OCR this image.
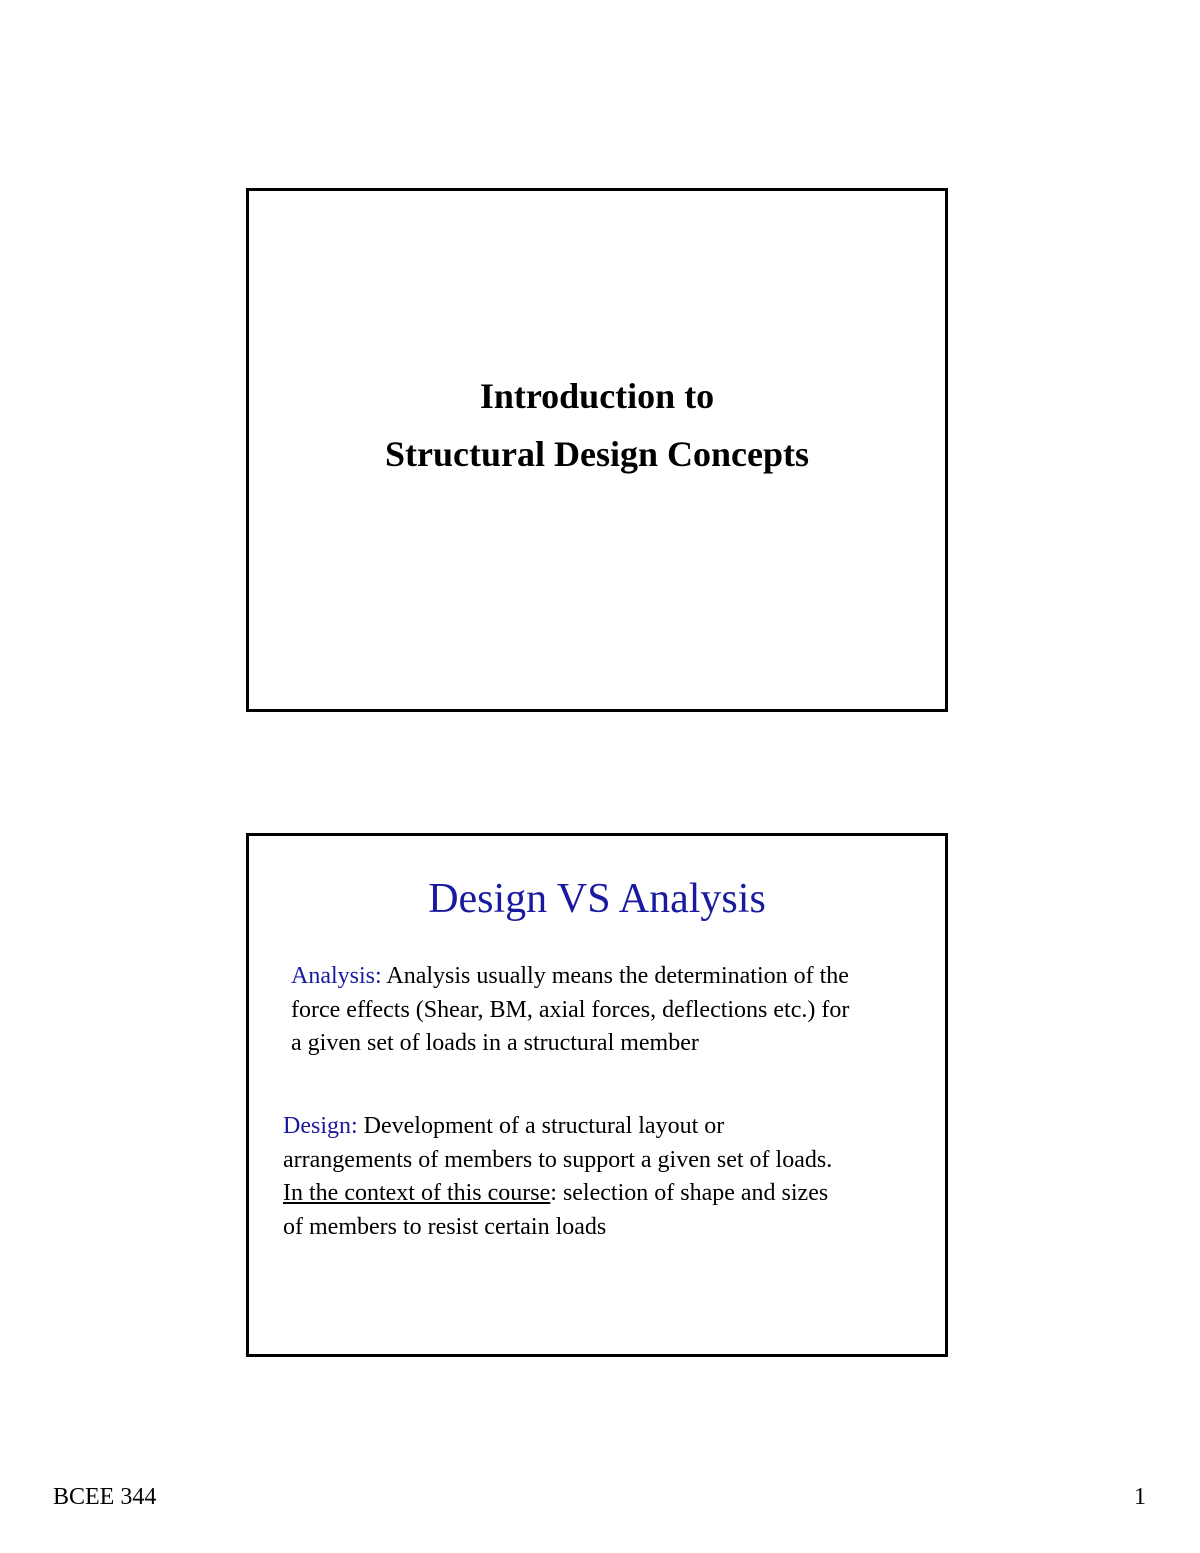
Introduction to
Structural Design Concepts
Design VS Analysis
Analysis: Analysis usually means the determination of the
force effects (Shear, BM, axial forces, deflections etc.) for
a given set of loads in a structural member
Design: Development of a structural layout or
arrangements of members to support a given set of loads.
In the context of this course: selection of shape and sizes
of members to resist certain loads
BCEE 344	1
